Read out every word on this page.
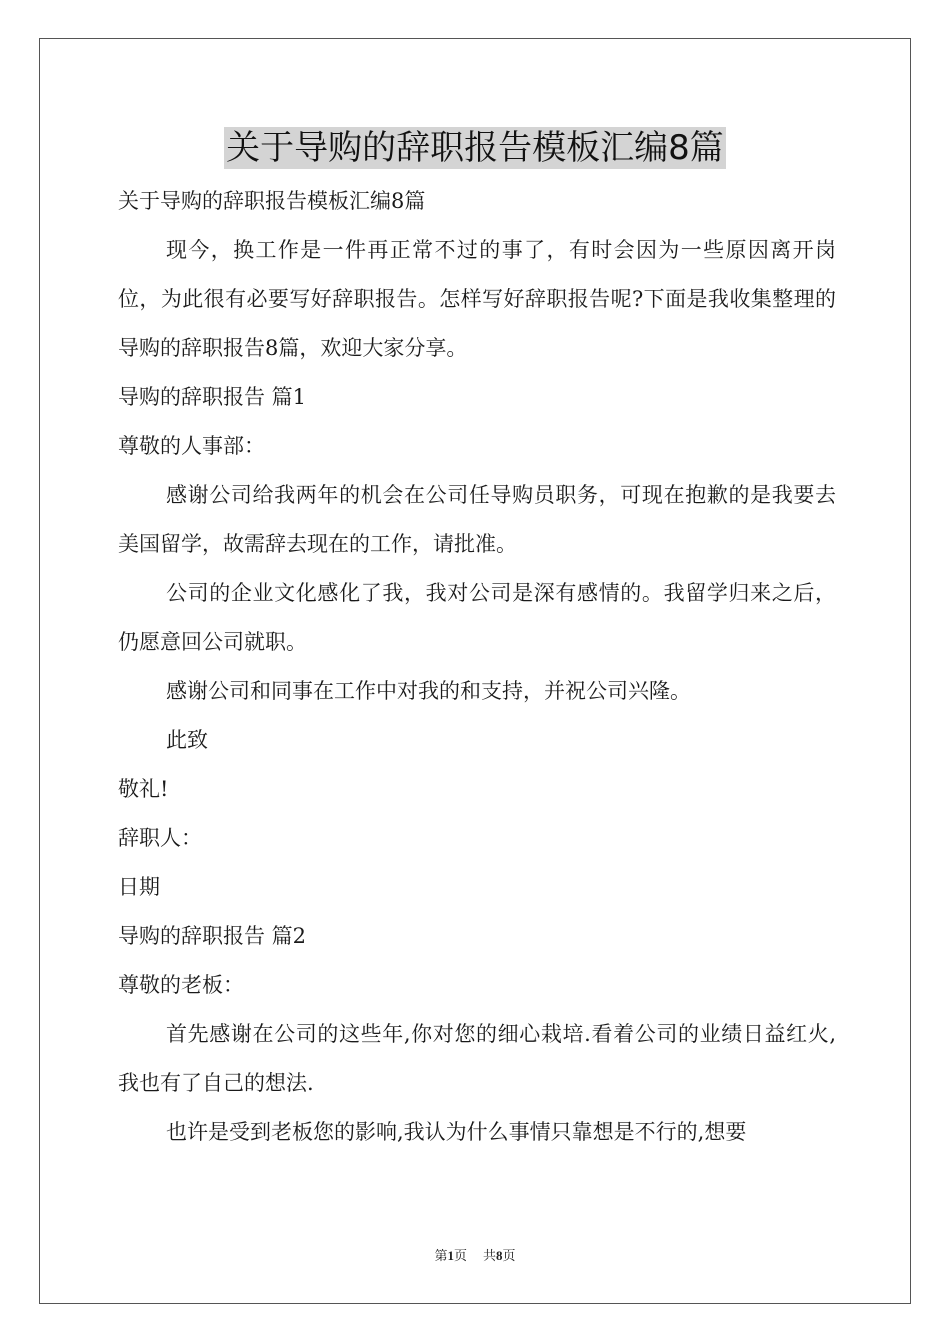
关于导购的辞职报告模板汇编8篇

关于导购的辞职报告模板汇编8篇

现今，换工作是一件再正常不过的事了，有时会因为一些原因离开岗位，为此很有必要写好辞职报告。怎样写好辞职报告呢?下面是我收集整理的导购的辞职报告8篇，欢迎大家分享。

导购的辞职报告 篇1

尊敬的人事部：

感谢公司给我两年的机会在公司任导购员职务，可现在抱歉的是我要去美国留学，故需辞去现在的工作，请批准。

公司的企业文化感化了我，我对公司是深有感情的。我留学归来之后，仍愿意回公司就职。

感谢公司和同事在工作中对我的和支持，并祝公司兴隆。

此致

敬礼!

辞职人：

日期

导购的辞职报告 篇2

尊敬的老板：

首先感谢在公司的这些年,你对您的细心栽培.看着公司的业绩日益红火,我也有了自己的想法.

也许是受到老板您的影响,我认为什么事情只靠想是不行的,想要

第1页 共8页
